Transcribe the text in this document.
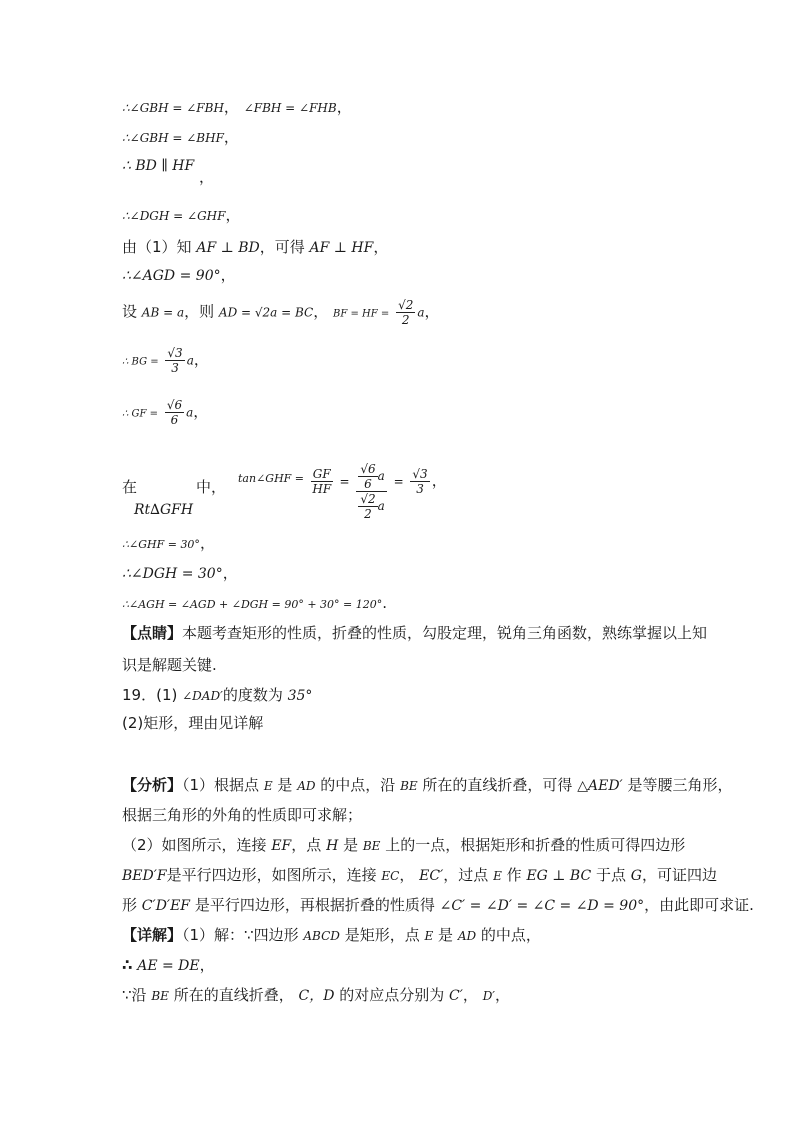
∴∠GBH = ∠FBH， ∠FBH = ∠FHB，
∴∠GBH = ∠BHF，
∴ BD ∥ HF ，
∴∠DGH = ∠GHF，
由（1）知 AF ⊥ BD，可得 AF ⊥ HF，
∴∠AGD = 90°，
设 AB = a，则 AD = √2a = BC， BF = HF = $\frac{√2}{2}$ a，
∴ BG = $\frac{√3}{3}$ a，
∴ GF = $\frac{√6}{6}$ a，
在
Rt∆GFH
中， $^{tan\angle GHF =} \frac{GF}{HF} = \frac{\frac{√6}{6} a}{\frac{√2}{2} a} = \frac{√3}{3}$ ，
∴∠GHF = 30°，
∴∠DGH = 30°，
∴∠AGH = ∠AGD + ∠DGH = 90° + 30° = 120°.
【点睛】本题考查矩形的性质，折叠的性质，勾股定理，锐角三角函数，熟练掌握以上知
识是解题关键.
19．(1) ∠DAD′的度数为 35°
(2)矩形，理由见详解
【分析】（1）根据点 E 是 AD 的中点，沿 BE 所在的直线折叠，可得 △AED′ 是等腰三角形，
根据三角形的外角的性质即可求解；
（2）如图所示，连接 EF，点 H 是 BE 上的一点，根据矩形和折叠的性质可得四边形
BED′F是平行四边形，如图所示，连接 EC， EC′，过点 E 作 EG ⊥ BC 于点 G，可证四边
形 C′D′EF 是平行四边形，再根据折叠的性质得 ∠C′ = ∠D′ = ∠C = ∠D = 90°，由此即可求证.
【详解】（1）解：∵四边形 ABCD 是矩形，点 E 是 AD 的中点，
∴ AE = DE，
∵沿 BE 所在的直线折叠， C，D 的对应点分别为 C′， D′，
